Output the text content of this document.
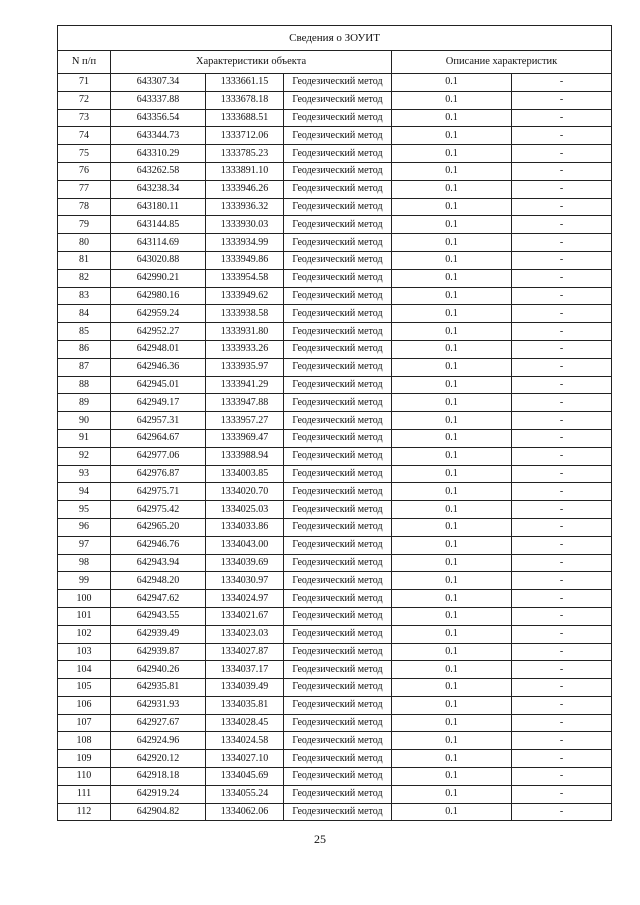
Сведения о ЗОУИТ					
N п/п	Характеристики объекта			Описание характеристик	
71	643307.34	1333661.15	Геодезический метод	0.1	-
72	643337.88	1333678.18	Геодезический метод	0.1	-
73	643356.54	1333688.51	Геодезический метод	0.1	-
74	643344.73	1333712.06	Геодезический метод	0.1	-
75	643310.29	1333785.23	Геодезический метод	0.1	-
76	643262.58	1333891.10	Геодезический метод	0.1	-
77	643238.34	1333946.26	Геодезический метод	0.1	-
78	643180.11	1333936.32	Геодезический метод	0.1	-
79	643144.85	1333930.03	Геодезический метод	0.1	-
80	643114.69	1333934.99	Геодезический метод	0.1	-
81	643020.88	1333949.86	Геодезический метод	0.1	-
82	642990.21	1333954.58	Геодезический метод	0.1	-
83	642980.16	1333949.62	Геодезический метод	0.1	-
84	642959.24	1333938.58	Геодезический метод	0.1	-
85	642952.27	1333931.80	Геодезический метод	0.1	-
86	642948.01	1333933.26	Геодезический метод	0.1	-
87	642946.36	1333935.97	Геодезический метод	0.1	-
88	642945.01	1333941.29	Геодезический метод	0.1	-
89	642949.17	1333947.88	Геодезический метод	0.1	-
90	642957.31	1333957.27	Геодезический метод	0.1	-
91	642964.67	1333969.47	Геодезический метод	0.1	-
92	642977.06	1333988.94	Геодезический метод	0.1	-
93	642976.87	1334003.85	Геодезический метод	0.1	-
94	642975.71	1334020.70	Геодезический метод	0.1	-
95	642975.42	1334025.03	Геодезический метод	0.1	-
96	642965.20	1334033.86	Геодезический метод	0.1	-
97	642946.76	1334043.00	Геодезический метод	0.1	-
98	642943.94	1334039.69	Геодезический метод	0.1	-
99	642948.20	1334030.97	Геодезический метод	0.1	-
100	642947.62	1334024.97	Геодезический метод	0.1	-
101	642943.55	1334021.67	Геодезический метод	0.1	-
102	642939.49	1334023.03	Геодезический метод	0.1	-
103	642939.87	1334027.87	Геодезический метод	0.1	-
104	642940.26	1334037.17	Геодезический метод	0.1	-
105	642935.81	1334039.49	Геодезический метод	0.1	-
106	642931.93	1334035.81	Геодезический метод	0.1	-
107	642927.67	1334028.45	Геодезический метод	0.1	-
108	642924.96	1334024.58	Геодезический метод	0.1	-
109	642920.12	1334027.10	Геодезический метод	0.1	-
110	642918.18	1334045.69	Геодезический метод	0.1	-
111	642919.24	1334055.24	Геодезический метод	0.1	-
112	642904.82	1334062.06	Геодезический метод	0.1	-
25
